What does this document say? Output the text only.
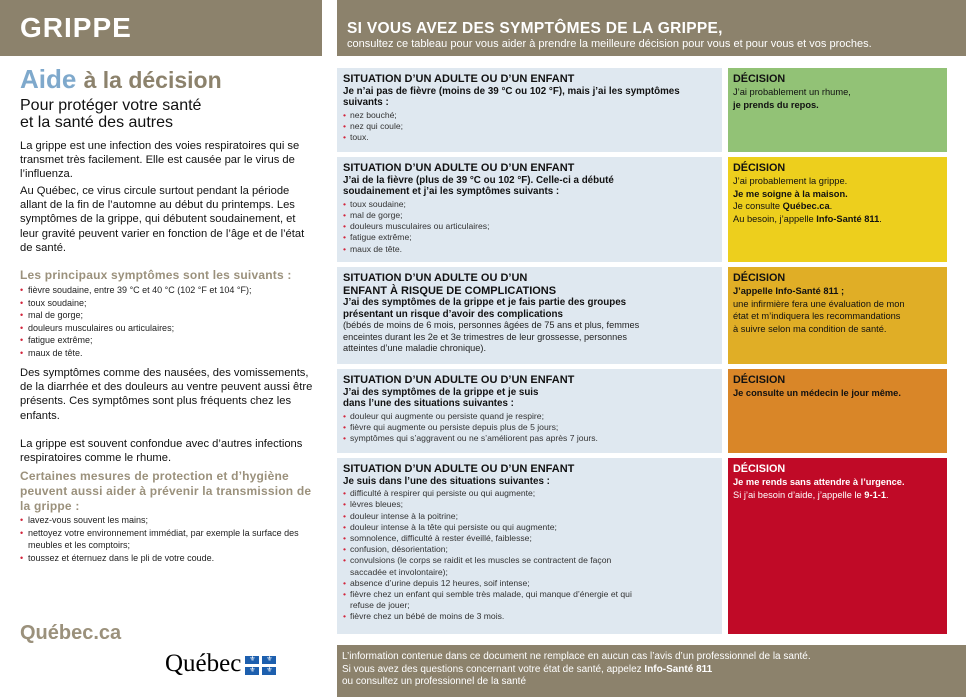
GRIPPE
Aide à la décision
Pour protéger votre santé
et la santé des autres

La grippe est une infection des voies respiratoires qui se transmet très facilement. Elle est causée par le virus de l’influenza.

Au Québec, ce virus circule surtout pendant la période allant de la fin de l’automne au début du printemps. Les symptômes de la grippe, qui débutent soudainement, et leur gravité peuvent varier en fonction de l’âge et de l’état de santé.

Les principaux symptômes sont les suivants :
• fièvre soudaine, entre 39 °C et 40 °C (102 °F et 104 °F);
• toux soudaine;
• mal de gorge;
• douleurs musculaires ou articulaires;
• fatigue extrême;
• maux de tête.

Des symptômes comme des nausées, des vomissements, de la diarrhée et des douleurs au ventre peuvent aussi être présents. Ces symptômes sont plus fréquents chez les enfants.

La grippe est souvent confondue avec d’autres infections respiratoires comme le rhume.

Certaines mesures de protection et d’hygiène peuvent aussi aider à prévenir la transmission de la grippe :
• lavez-vous souvent les mains;
• nettoyez votre environnement immédiat, par exemple la surface des meubles et les comptoirs;
• toussez et éternuez dans le pli de votre coude.
Québec.ca
Québec	⚜	⚜
⚜	⚜
SI VOUS AVEZ DES SYMPTÔMES DE LA GRIPPE,
consultez ce tableau pour vous aider à prendre la meilleure décision pour vous et pour vous et vos proches.
SITUATION D’UN ADULTE OU D’UN ENFANT
Je n’ai pas de fièvre (moins de 39 °C ou 102 °F), mais j’ai les symptômes suivants :
• nez bouché;
• nez qui coule;
• toux.
DÉCISION

J’ai probablement un rhume,

je prends du repos.

SITUATION D’UN ADULTE OU D’UN ENFANT
J’ai de la fièvre (plus de 39 °C ou 102 °F). Celle-ci a débuté soudainement et j’ai les symptômes suivants :
• toux soudaine;
• mal de gorge;
• douleurs musculaires ou articulaires;
• fatigue extrême;
• maux de tête.
DÉCISION

J’ai probablement la grippe.

Je me soigne à la maison.

Je consulte Québec.ca.

Au besoin, j’appelle Info-Santé 811.

SITUATION D’UN ADULTE OU D’UN ENFANT À RISQUE DE COMPLICATIONS
J’ai des symptômes de la grippe et je fais partie des groupes présentant un risque d’avoir des complications
(bébés de moins de 6 mois, personnes âgées de 75 ans et plus, femmes enceintes durant les 2e et 3e trimestres de leur grossesse, personnes atteintes d’une maladie chronique).
DÉCISION

J’appelle Info-Santé 811 ;

une infirmière fera une évaluation de mon état et m’indiquera les recommandations à suivre selon ma condition de santé.

SITUATION D’UN ADULTE OU D’UN ENFANT
J’ai des symptômes de la grippe et je suis dans l’une des situations suivantes :
• douleur qui augmente ou persiste quand je respire;
• fièvre qui augmente ou persiste depuis plus de 5 jours;
• symptômes qui s’aggravent ou ne s’améliorent pas après 7 jours.
DÉCISION

Je consulte un médecin le jour même.

SITUATION D’UN ADULTE OU D’UN ENFANT
Je suis dans l’une des situations suivantes :
• difficulté à respirer qui persiste ou qui augmente;
• lèvres bleues;
• douleur intense à la poitrine;
• douleur intense à la tête qui persiste ou qui augmente;
• somnolence, difficulté à rester éveillé, faiblesse;
• confusion, désorientation;
• convulsions (le corps se raidit et les muscles se contractent de façon saccadée et involontaire);
• absence d’urine depuis 12 heures, soif intense;
• fièvre chez un enfant qui semble très malade, qui manque d’énergie et qui refuse de jouer;
• fièvre chez un bébé de moins de 3 mois.
DÉCISION

Je me rends sans attendre à l’urgence.

Si j’ai besoin d’aide, j’appelle le 9-1-1.

L’information contenue dans ce document ne remplace en aucun cas l’avis d’un professionnel de la santé.

Si vous avez des questions concernant votre état de santé, appelez Info-Santé 811

ou consultez un professionnel de la santé
